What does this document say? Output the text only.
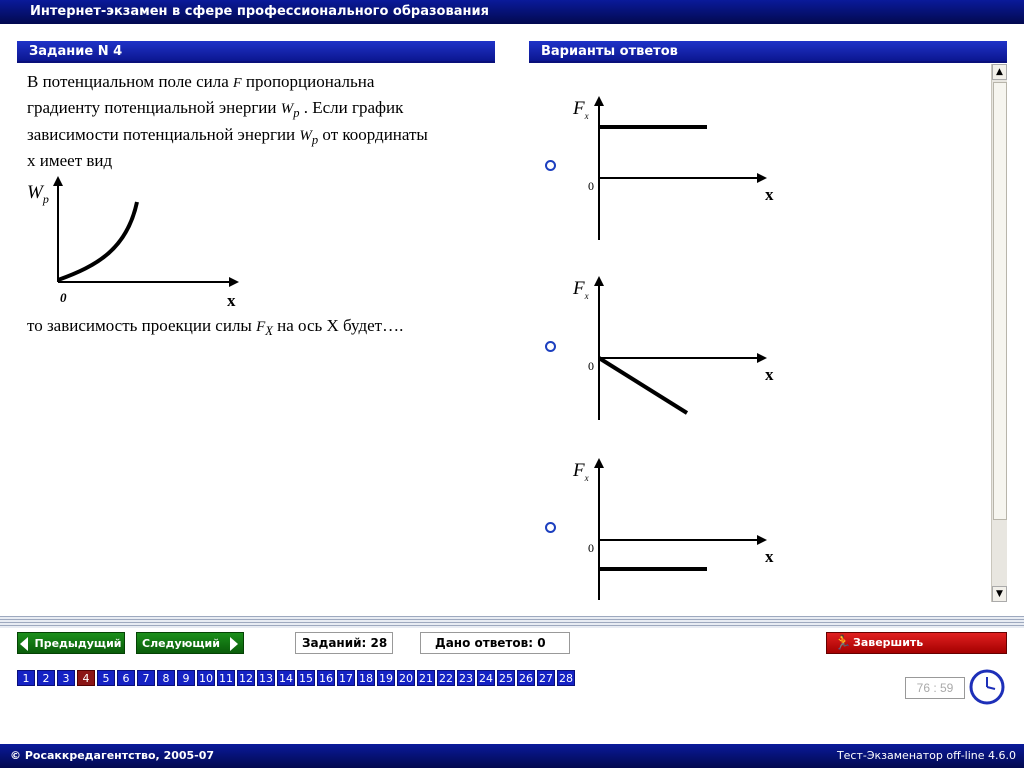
Интернет-экзамен в сфере профессионального образования
Задание N 4
В потенциальном поле сила F пропорциональна
градиенту потенциальной энергии $W_p$ . Если график
зависимости потенциальной энергии $W_p$ от координаты
x имеет вид
$W_p$
0	x
то зависимость проекции силы $F_X$ на ось X будет….
Варианты ответов
$F_x$
0	x
$F_x$
0	x
$F_x$
0	x
▲
▼
Предыдущий	Следующий	Заданий: 28	Дано ответов: 0	🏃 Завершить тестирование
1	2	3	4	5	6	7	8	9 10 11 12 13 14 15 16 17 18 19 20 21 22 23 24 25 26 27 28
76 : 59
© Росаккредагентство, 2005-07	Тест-Экзаменатор off-line 4.6.0
